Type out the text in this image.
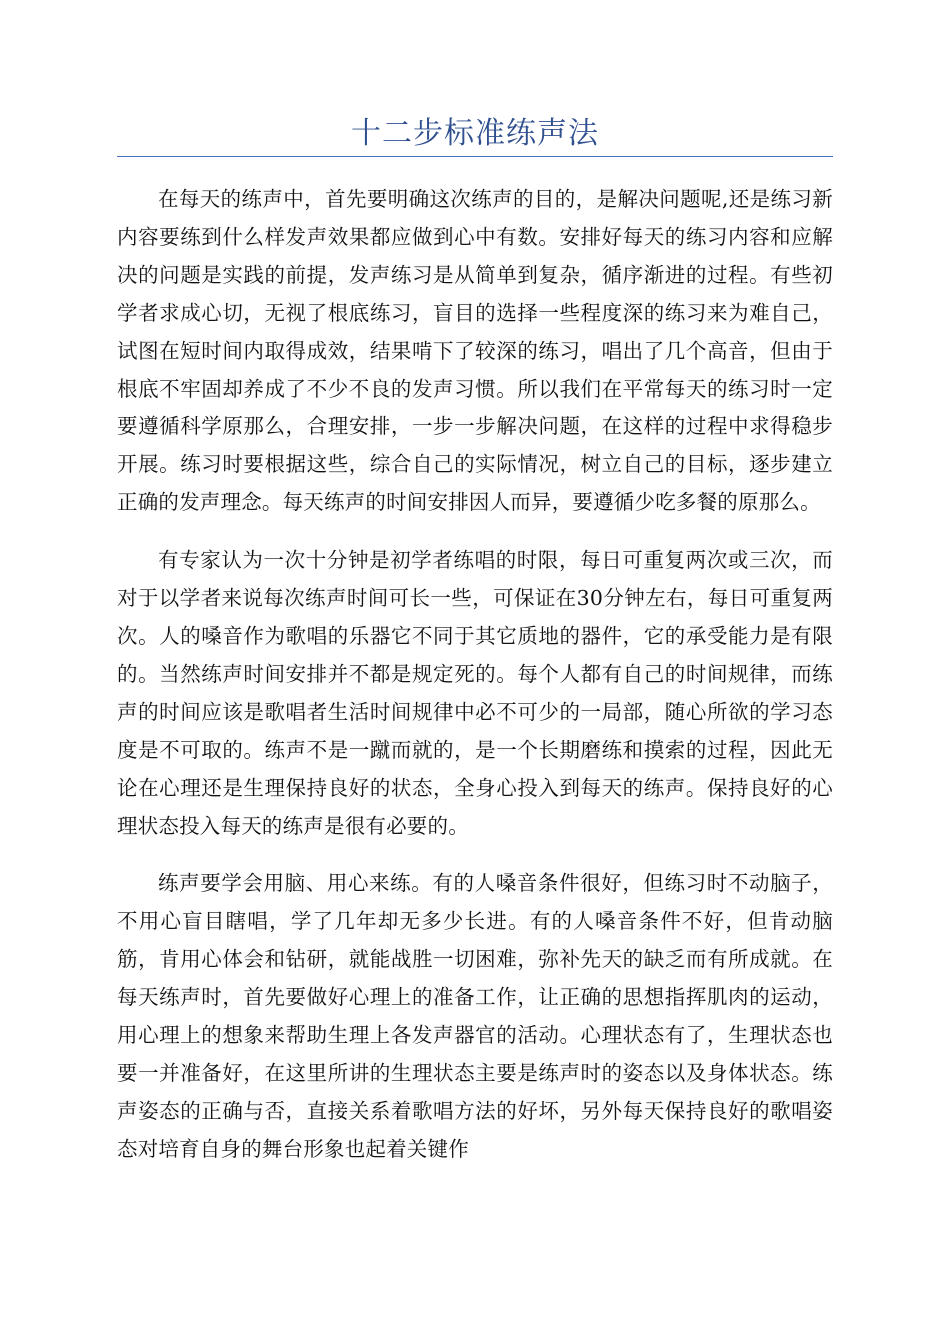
十二步标准练声法

在每天的练声中，首先要明确这次练声的目的，是解决问题呢,还是练习新内容要练到什么样发声效果都应做到心中有数。安排好每天的练习内容和应解决的问题是实践的前提，发声练习是从简单到复杂，循序渐进的过程。有些初学者求成心切，无视了根底练习，盲目的选择一些程度深的练习来为难自己，试图在短时间内取得成效，结果啃下了较深的练习，唱出了几个高音，但由于根底不牢固却养成了不少不良的发声习惯。所以我们在平常每天的练习时一定要遵循科学原那么，合理安排，一步一步解决问题，在这样的过程中求得稳步开展。练习时要根据这些，综合自己的实际情况，树立自己的目标，逐步建立正确的发声理念。每天练声的时间安排因人而异，要遵循少吃多餐的原那么。

有专家认为一次十分钟是初学者练唱的时限，每日可重复两次或三次，而对于以学者来说每次练声时间可长一些，可保证在30分钟左右，每日可重复两次。人的嗓音作为歌唱的乐器它不同于其它质地的器件，它的承受能力是有限的。当然练声时间安排并不都是规定死的。每个人都有自己的时间规律，而练声的时间应该是歌唱者生活时间规律中必不可少的一局部，随心所欲的学习态度是不可取的。练声不是一蹴而就的，是一个长期磨练和摸索的过程，因此无论在心理还是生理保持良好的状态，全身心投入到每天的练声。保持良好的心理状态投入每天的练声是很有必要的。

练声要学会用脑、用心来练。有的人嗓音条件很好，但练习时不动脑子，不用心盲目瞎唱，学了几年却无多少长进。有的人嗓音条件不好，但肯动脑筋，肯用心体会和钻研，就能战胜一切困难，弥补先天的缺乏而有所成就。在每天练声时，首先要做好心理上的准备工作，让正确的思想指挥肌肉的运动，用心理上的想象来帮助生理上各发声器官的活动。心理状态有了，生理状态也要一并准备好，在这里所讲的生理状态主要是练声时的姿态以及身体状态。练声姿态的正确与否，直接关系着歌唱方法的好坏，另外每天保持良好的歌唱姿态对培育自身的舞台形象也起着关键作
